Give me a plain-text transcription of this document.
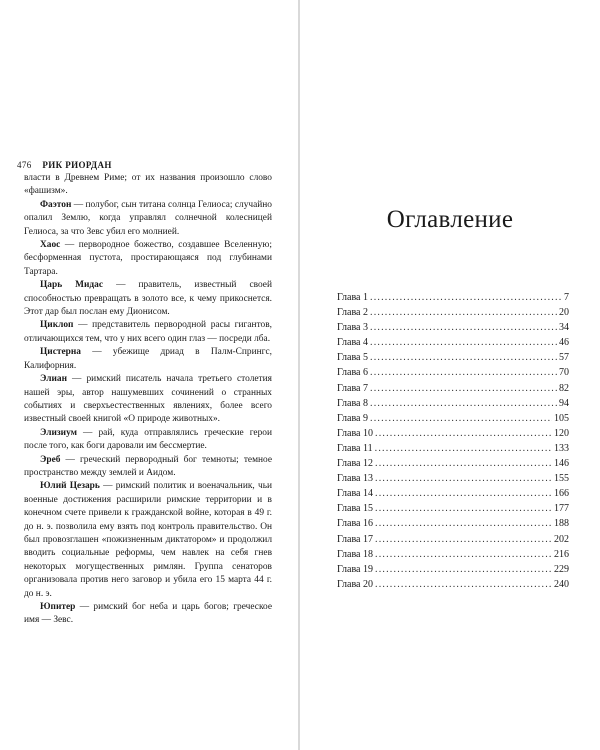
476 РИК РИОРДАН

власти в Древнем Риме; от их названия произошло слово «фашизм».

Фаэтон — полубог, сын титана солнца Гелиоса; случайно опалил Землю, когда управлял солнечной колесницей Гелиоса, за что Зевс убил его молнией.

Хаос — первородное божество, создавшее Вселенную; бесформенная пустота, простирающаяся под глубинами Тартара.

Царь Мидас — правитель, известный своей способностью превращать в золото все, к чему прикоснется. Этот дар был послан ему Дионисом.

Циклоп — представитель первородной расы гигантов, отличающихся тем, что у них всего один глаз — посреди лба.

Цистерна — убежище дриад в Палм-Спрингс, Калифорния.

Элиан — римский писатель начала третьего столетия нашей эры, автор нашумевших сочинений о странных событиях и сверхъестественных явлениях, более всего известный своей книгой «О природе животных».

Элизиум — рай, куда отправлялись греческие герои после того, как боги даровали им бессмертие.

Эреб — греческий первородный бог темноты; темное пространство между землей и Аидом.

Юлий Цезарь — римский политик и военачальник, чьи военные достижения расширили римские территории и в конечном счете привели к гражданской войне, которая в 49 г. до н. э. позволила ему взять под контроль правительство. Он был провозглашен «пожизненным диктатором» и продолжил вводить социальные реформы, чем навлек на себя гнев некоторых могущественных римлян. Группа сенаторов организовала против него заговор и убила его 15 марта 44 г. до н. э.

Юпитер — римский бог неба и царь богов; греческое имя — Зевс.

Оглавление
Глава 1 .....	7
Глава 2 .....	20
Глава 3 .....	34
Глава 4 .....	46
Глава 5 .....	57
Глава 6 .....	70
Глава 7 .....	82
Глава 8 .....	94
Глава 9 .....	105
Глава 10 .....	120
Глава 11 .....	133
Глава 12 .....	146
Глава 13 .....	155
Глава 14 .....	166
Глава 15 .....	177
Глава 16 .....	188
Глава 17 .....	202
Глава 18 .....	216
Глава 19 .....	229
Глава 20 .....	240
